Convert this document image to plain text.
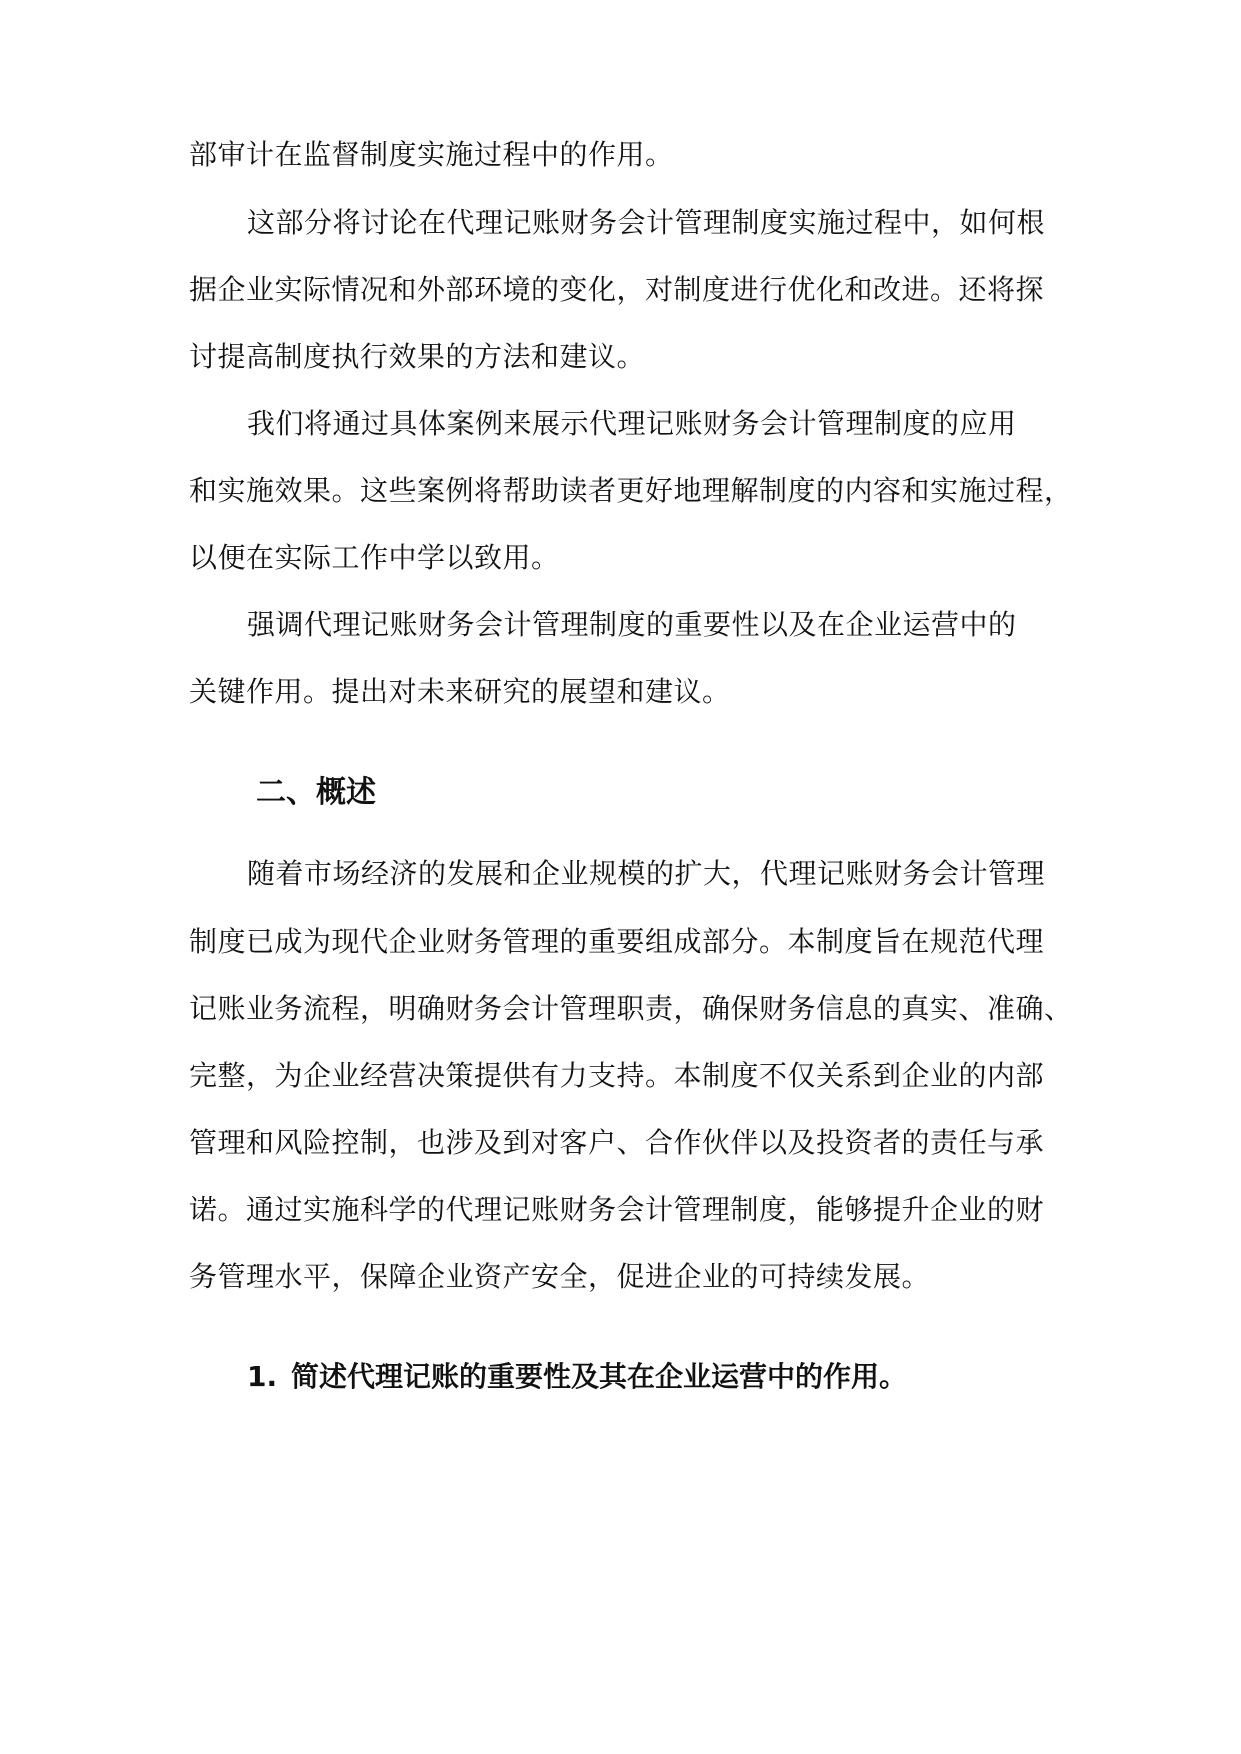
部审计在监督制度实施过程中的作用。
这部分将讨论在代理记账财务会计管理制度实施过程中，如何根
据企业实际情况和外部环境的变化，对制度进行优化和改进。还将探
讨提高制度执行效果的方法和建议。
我们将通过具体案例来展示代理记账财务会计管理制度的应用
和实施效果。这些案例将帮助读者更好地理解制度的内容和实施过程，
以便在实际工作中学以致用。
强调代理记账财务会计管理制度的重要性以及在企业运营中的
关键作用。提出对未来研究的展望和建议。
二、概述
随着市场经济的发展和企业规模的扩大，代理记账财务会计管理
制度已成为现代企业财务管理的重要组成部分。本制度旨在规范代理
记账业务流程，明确财务会计管理职责，确保财务信息的真实、准确、
完整，为企业经营决策提供有力支持。本制度不仅关系到企业的内部
管理和风险控制，也涉及到对客户、合作伙伴以及投资者的责任与承
诺。通过实施科学的代理记账财务会计管理制度，能够提升企业的财
务管理水平，保障企业资产安全，促进企业的可持续发展。
1. 简述代理记账的重要性及其在企业运营中的作用。
